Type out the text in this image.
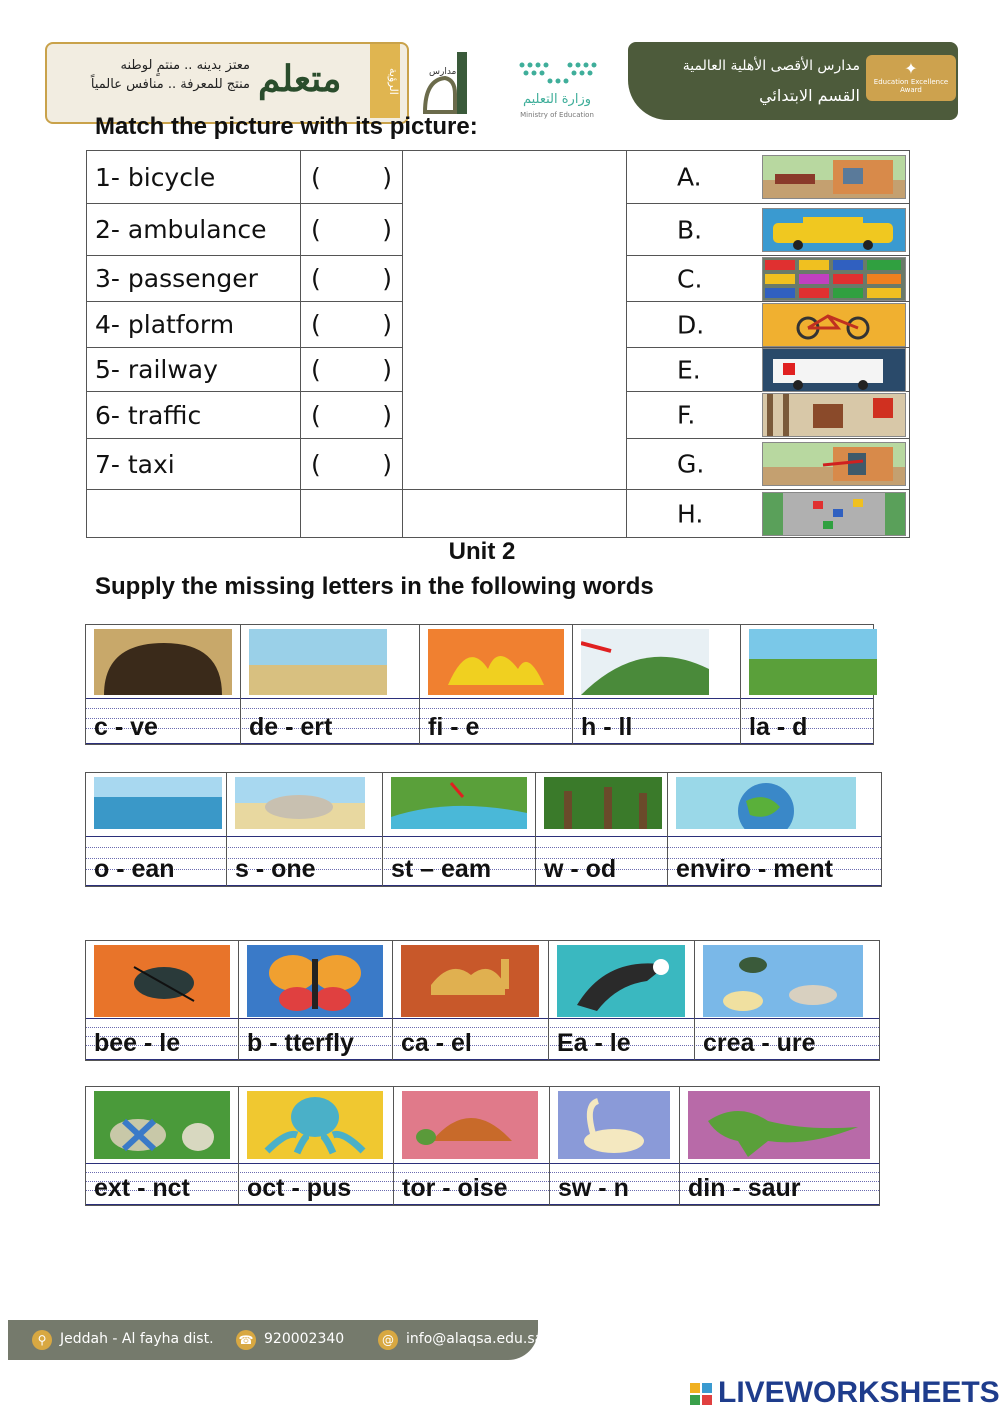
معتز بدينه .. منتمٍ لوطنه
منتج للمعرفة .. منافس عالمياً متعلم	الرؤية	مدارس
وزارة التعليم
Ministry of Education
مدارس الأقصى الأهلية العالمية
القسم الابتدائي
✦
Education Excellence Award
Match the picture with its picture:
1- bicycle	( )		A.

2- ambulance	( )		B.

3- passenger	( )		C.

4- platform	( )		D.

5- railway	( )		E.

6- traffic	( )		F.

7- taxi	( )		G.

			H.
Unit 2
Supply the missing letters in the following words
c - ve	de - ert	fi - e	h - ll	la - d
o - ean s - one	st – eam w - od enviro - ment
bee - le	b - tterfly ca - el	Ea - le	crea - ure
ext - nct oct - pus tor - oise sw - n din - saur
⚲ Jeddah - Al fayha dist. ☎ 920002340	@ info@alaqsa.edu.sa
LIVEWORKSHEETS
